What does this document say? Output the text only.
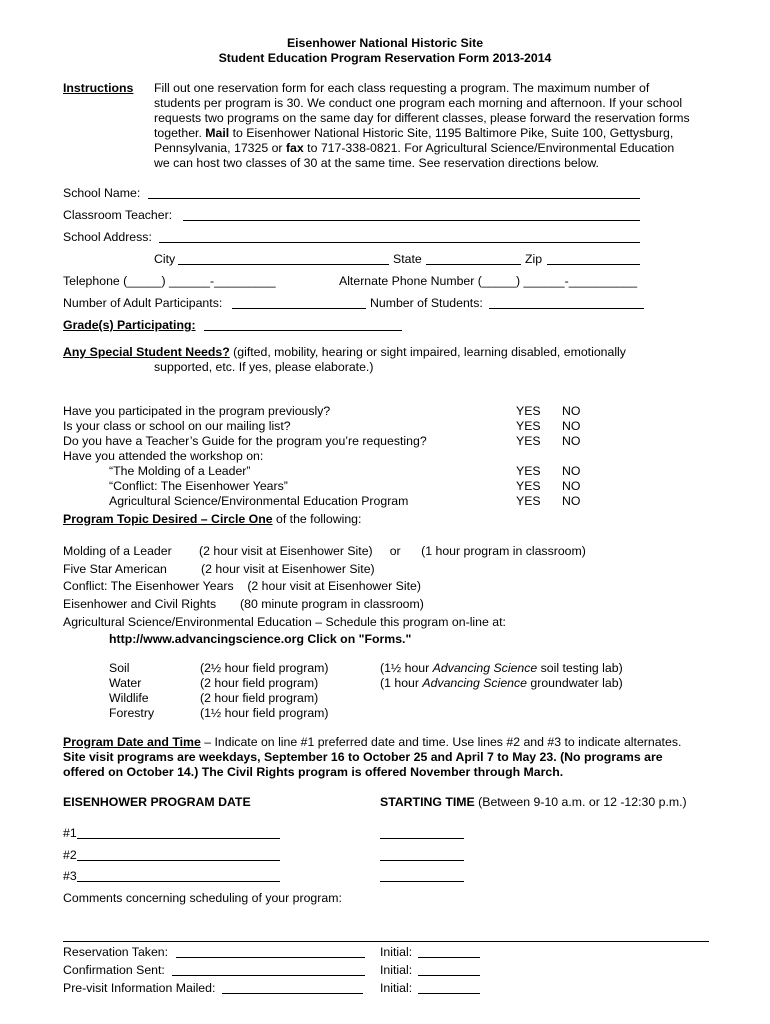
Eisenhower National Historic Site
Student Education Program Reservation Form 2013-2014
Instructions Fill out one reservation form for each class requesting a program. The maximum number of
students per program is 30. We conduct one program each morning and afternoon. If your school
requests two programs on the same day for different classes, please forward the reservation forms
together. Mail to Eisenhower National Historic Site, 1195 Baltimore Pike, Suite 100, Gettysburg,
Pennsylvania, 17325 or fax to 717-338-0821. For Agricultural Science/Environmental Education
we can host two classes of 30 at the same time. See reservation directions below.
School Name:
Classroom Teacher:
School Address:
City	State	Zip
Telephone (_____) ______-_________	Alternate Phone Number (_____) ______-__________
Number of Adult Participants:	Number of Students:
Grade(s) Participating:
Any Special Student Needs? (gifted, mobility, hearing or sight impaired, learning disabled, emotionally
supported, etc. If yes, please elaborate.)
Have you participated in the program previously?	YES NO
Is your class or school on our mailing list?	YES NO
Do you have a Teacher’s Guide for the program you’re requesting?	YES NO
Have you attended the workshop on:
“The Molding of a Leader”	YES NO
“Conflict: The Eisenhower Years”	YES NO
Agricultural Science/Environmental Education Program	YES NO
Program Topic Desired – Circle One of the following:
Molding of a Leader        (2 hour visit at Eisenhower Site)     or      (1 hour program in classroom)
Five Star American          (2 hour visit at Eisenhower Site)
Conflict: The Eisenhower Years    (2 hour visit at Eisenhower Site)
Eisenhower and Civil Rights       (80 minute program in classroom)
Agricultural Science/Environmental Education – Schedule this program on-line at:
http://www.advancingscience.org Click on "Forms."
Soil	(2½ hour field program)	(1½ hour Advancing Science soil testing lab)
Water	(2 hour field program)	(1 hour Advancing Science groundwater lab)
Wildlife	(2 hour field program)
Forestry	(1½ hour field program)
Program Date and Time – Indicate on line #1 preferred date and time. Use lines #2 and #3 to indicate alternates.
Site visit programs are weekdays, September 16 to October 25 and April 7 to May 23. (No programs are
offered on October 14.) The Civil Rights program is offered November through March.
EISENHOWER PROGRAM DATE	STARTING TIME (Between 9-10 a.m. or 12 -12:30 p.m.)
#1
#2
#3
Comments concerning scheduling of your program:
Reservation Taken:	Initial:
Confirmation Sent:	Initial:
Pre-visit Information Mailed:	Initial:
